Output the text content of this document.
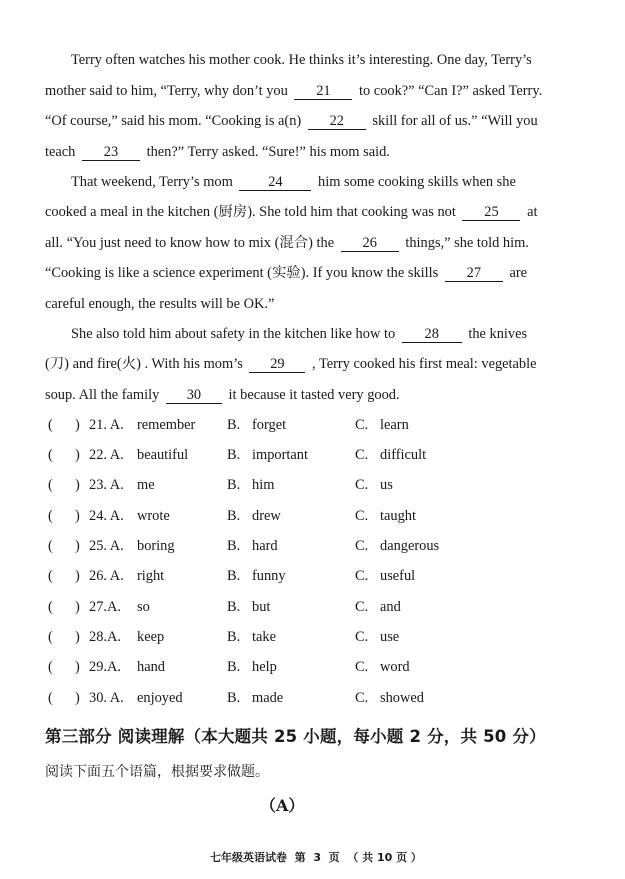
Terry often watches his mother cook. He thinks it’s interesting. One day, Terry’s
mother said to him, “Terry, why don’t you 21 to cook?” “Can I?” asked Terry.
“Of course,” said his mom. “Cooking is a(n) 22 skill for all of us.” “Will you
teach 23 then?” Terry asked. “Sure!” his mom said.
That weekend, Terry’s mom 24 him some cooking skills when she
cooked a meal in the kitchen (厨房). She told him that cooking was not 25 at
all. “You just need to know how to mix (混合) the 26 things,” she told him.
“Cooking is like a science experiment (实验). If you know the skills 27 are
careful enough, the results will be OK.”
She also told him about safety in the kitchen like how to 28 the knives
(刀) and fire(火) . With his mom’s 29 , Terry cooked his first meal: vegetable
soup. All the family 30 it because it tasted very good.
( ) 21. A. remember B. forget	C. learn
( ) 22. A. beautiful	B. important	C. difficult
( ) 23. A. me	B. him	C. us
( ) 24. A. wrote	B. drew	C. taught
( ) 25. A. boring	B. hard	C. dangerous
( ) 26. A. right	B. funny	C. useful
( ) 27.A. so	B. but	C. and
( ) 28.A. keep	B. take	C. use
( ) 29.A. hand	B. help	C. word
( ) 30. A. enjoyed	B. made	C. showed
第三部分 阅读理解（本大题共 25 小题，每小题 2 分，共 50 分）
阅读下面五个语篇，根据要求做题。
（A）
七年级英语试卷  第  3  页  （ 共 10 页 ）
